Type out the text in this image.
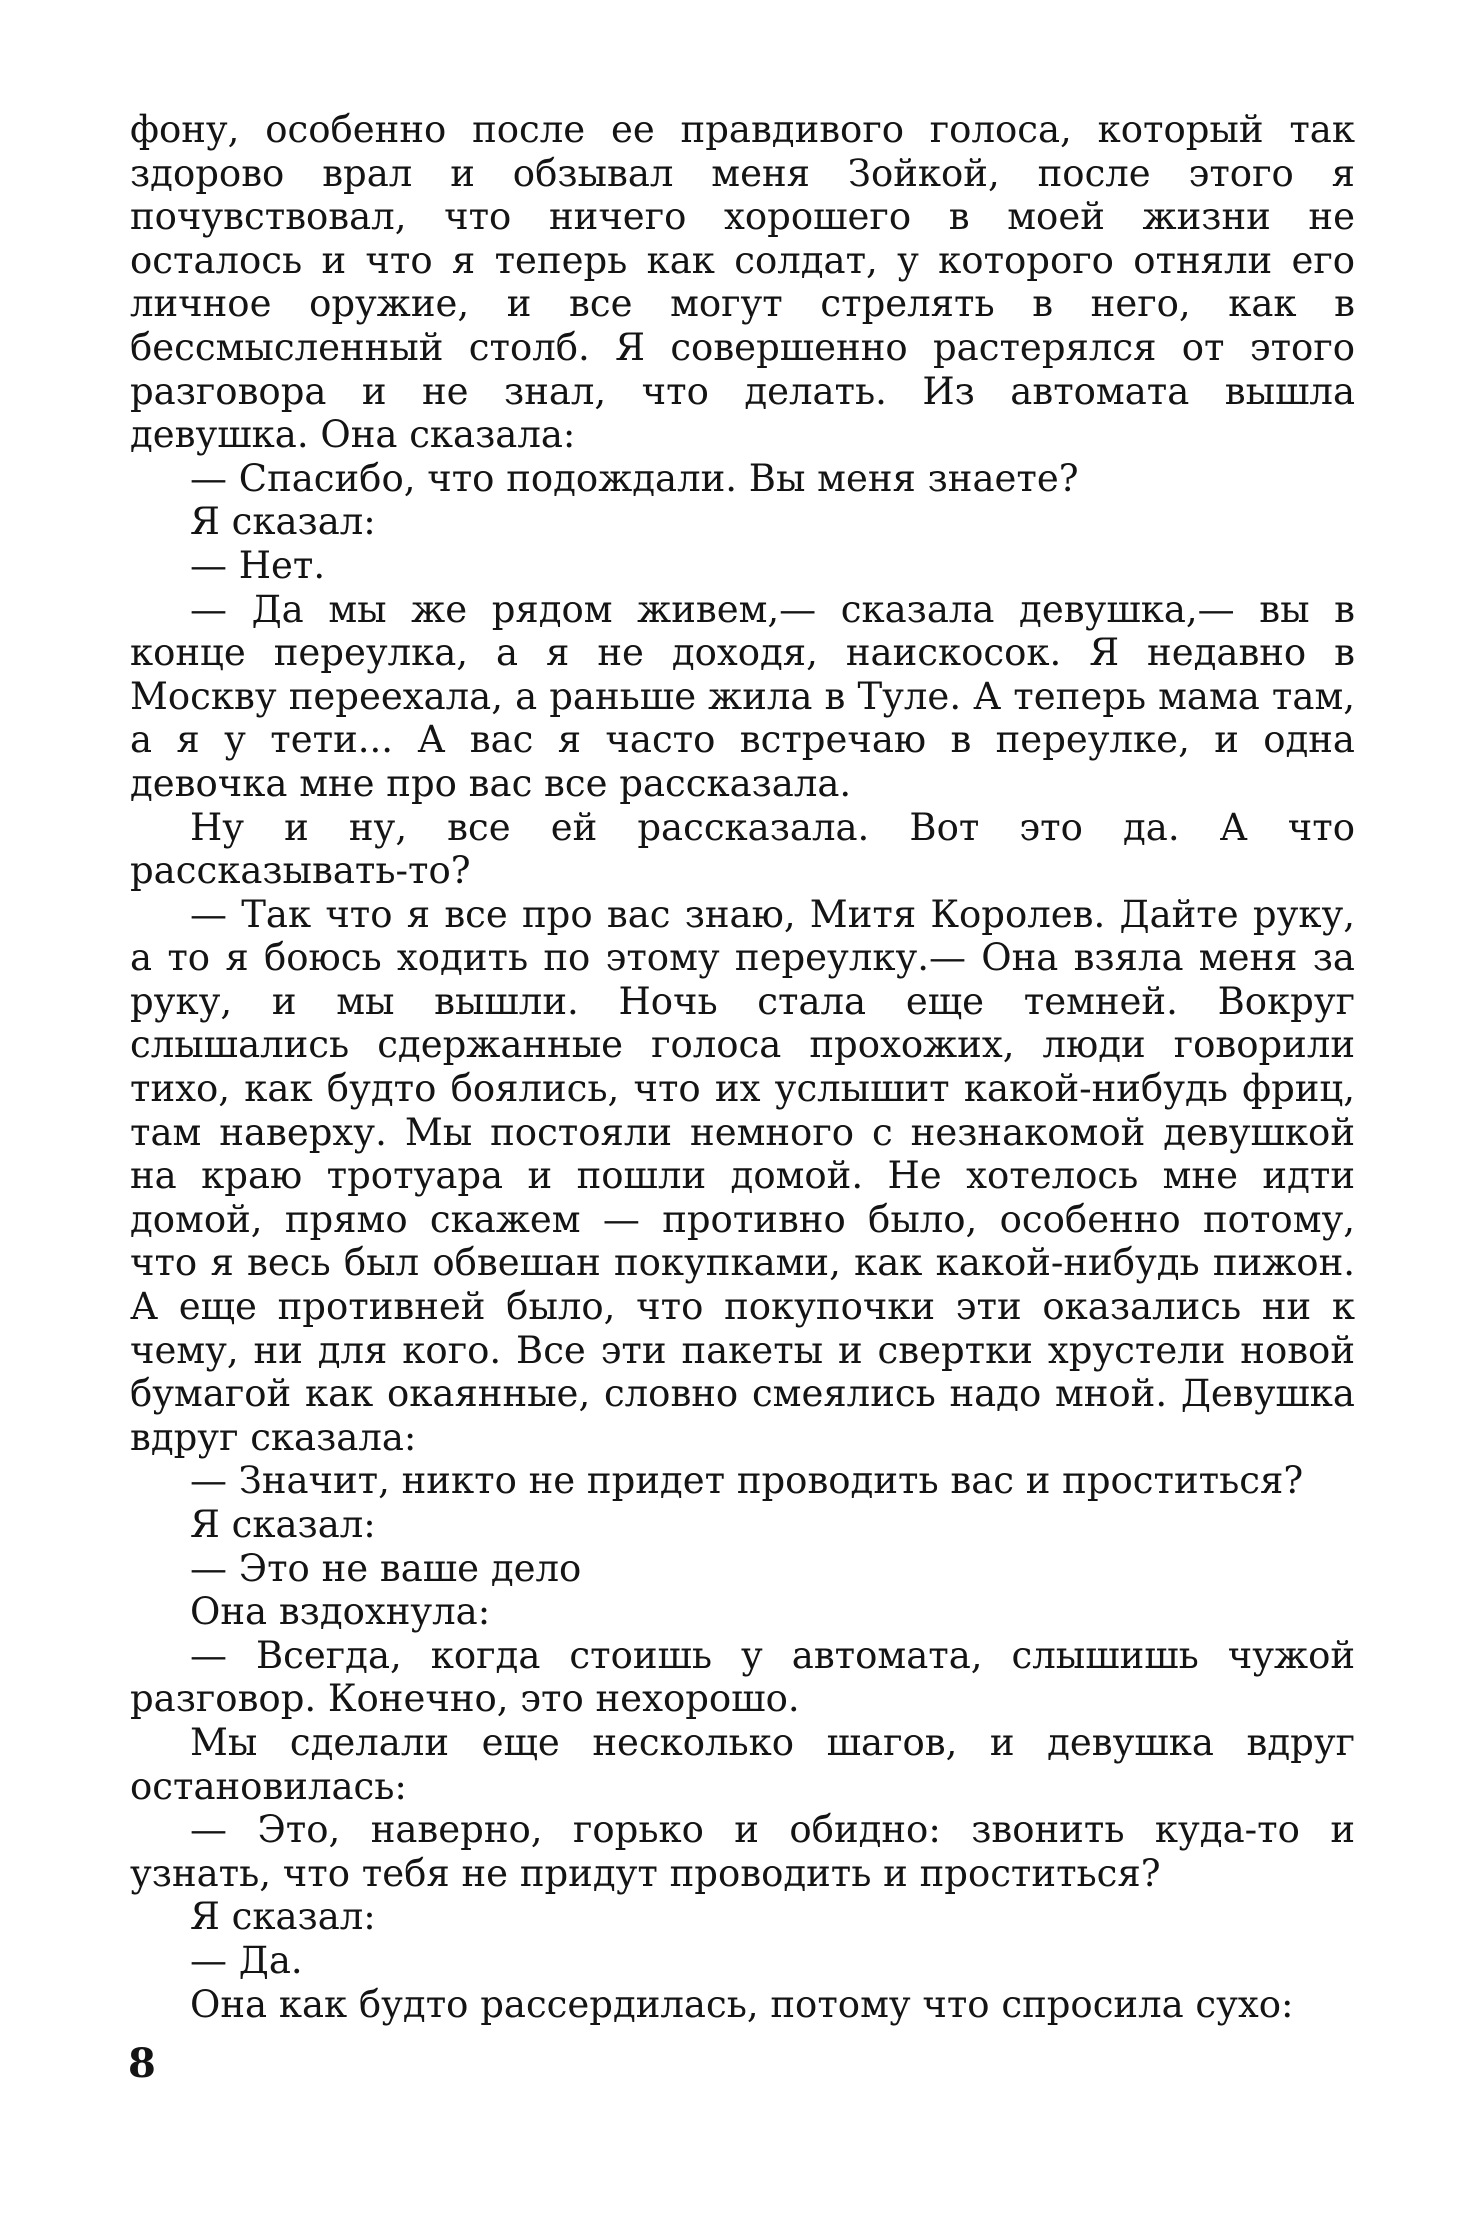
фону, особенно после ее правдивого голоса, который так здорово врал и обзывал меня Зойкой, после этого я почувствовал, что ничего хорошего в моей жизни не осталось и что я теперь как солдат, у которого отняли его личное оружие, и все могут стрелять в него, как в бессмысленный столб. Я совершенно растерялся от этого разговора и не знал, что делать. Из автомата вышла девушка. Она сказала:

— Спасибо, что подождали. Вы меня знаете?

Я сказал:

— Нет.

— Да мы же рядом живем,— сказала девушка,— вы в конце переулка, а я не доходя, наискосок. Я недавно в Москву переехала, а раньше жила в Туле. А теперь мама там, а я у тети... А вас я часто встречаю в переулке, и одна девочка мне про вас все рассказала.

Ну и ну, все ей рассказала. Вот это да. А что рассказывать-то?

— Так что я все про вас знаю, Митя Королев. Дайте руку, а то я боюсь ходить по этому переулку.— Она взяла меня за руку, и мы вышли. Ночь стала еще темней. Вокруг слышались сдержанные голоса прохожих, люди говорили тихо, как будто боялись, что их услышит какой-нибудь фриц, там наверху. Мы постояли немного с незнакомой девушкой на краю тротуара и пошли домой. Не хотелось мне идти домой, прямо скажем — противно было, особенно потому, что я весь был обвешан покупками, как какой-нибудь пижон. А еще противней было, что покупочки эти оказались ни к чему, ни для кого. Все эти пакеты и свертки хрустели новой бумагой как окаянные, словно смеялись надо мной. Девушка вдруг сказала:

— Значит, никто не придет проводить вас и проститься?

Я сказал:

— Это не ваше дело

Она вздохнула:

— Всегда, когда стоишь у автомата, слышишь чужой разговор. Конечно, это нехорошо.

Мы сделали еще несколько шагов, и девушка вдруг остановилась:

— Это, наверно, горько и обидно: звонить куда-то и узнать, что тебя не придут проводить и проститься?

Я сказал:

— Да.

Она как будто рассердилась, потому что спросила сухо:

8
